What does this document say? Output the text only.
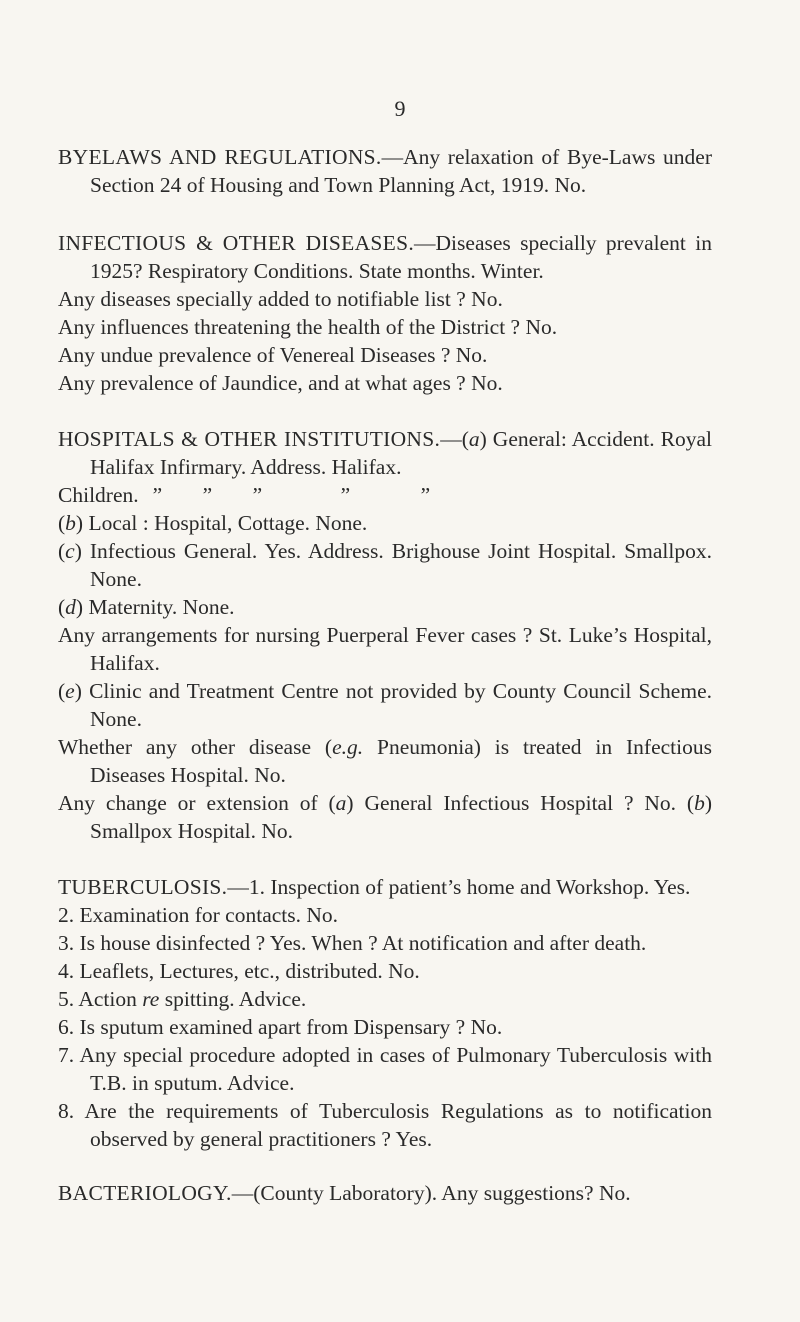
9

BYELAWS AND REGULATIONS.—Any relaxation of Bye-Laws under Section 24 of Housing and Town Planning Act, 1919. No.

INFECTIOUS & OTHER DISEASES.—Diseases specially prevalent in 1925? Respiratory Conditions. State months. Winter.

Any diseases specially added to notifiable list ? No.

Any influences threatening the health of the District ? No.

Any undue prevalence of Venereal Diseases ? No.

Any prevalence of Jaundice, and at what ages ? No.

HOSPITALS & OTHER INSTITUTIONS.—(a) General: Accident. Royal Halifax Infirmary. Address. Halifax.

Children. ” ” ”	”	”

(b) Local : Hospital, Cottage. None.

(c) Infectious General. Yes. Address. Brighouse Joint Hospital. Smallpox. None.

(d) Maternity. None.

Any arrangements for nursing Puerperal Fever cases ? St. Luke’s Hospital, Halifax.

(e) Clinic and Treatment Centre not provided by County Council Scheme. None.

Whether any other disease (e.g. Pneumonia) is treated in Infectious Diseases Hospital. No.

Any change or extension of (a) General Infectious Hospital ? No. (b) Smallpox Hospital. No.

TUBERCULOSIS.—1. Inspection of patient’s home and Workshop. Yes.

2. Examination for contacts. No.

3. Is house disinfected ? Yes. When ? At notification and after death.

4. Leaflets, Lectures, etc., distributed. No.

5. Action re spitting. Advice.

6. Is sputum examined apart from Dispensary ? No.

7. Any special procedure adopted in cases of Pulmonary Tuberculosis with T.B. in sputum. Advice.

8. Are the requirements of Tuberculosis Regulations as to notification observed by general practitioners ? Yes.

BACTERIOLOGY.—(County Laboratory). Any suggestions? No.
